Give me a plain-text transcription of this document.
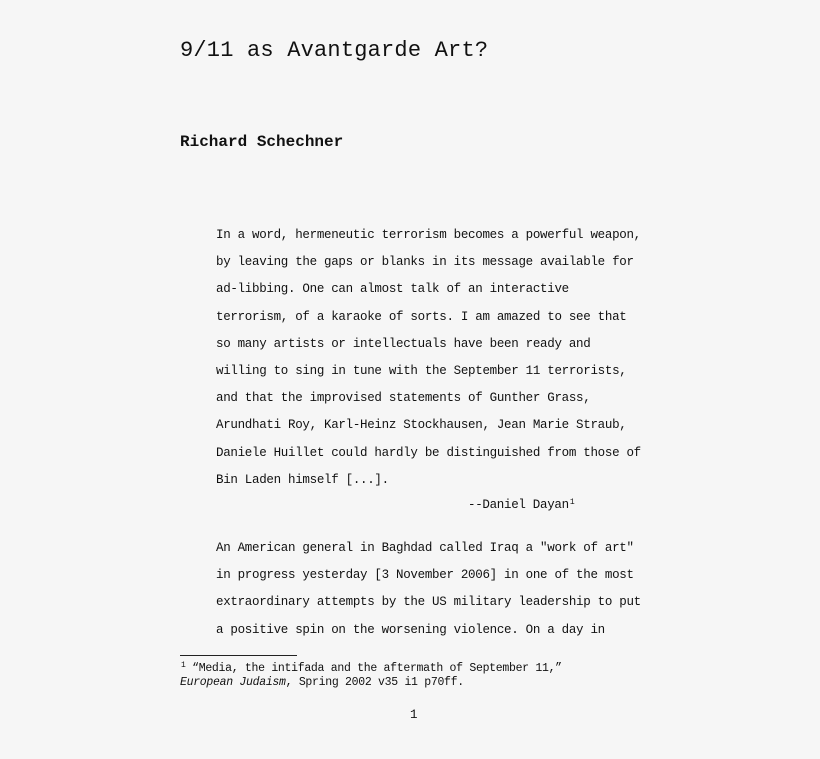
9/11 as Avantgarde Art?
Richard Schechner
In a word, hermeneutic terrorism becomes a powerful weapon,
by leaving the gaps or blanks in its message available for
ad-libbing. One can almost talk of an interactive
terrorism, of a karaoke of sorts. I am amazed to see that
so many artists or intellectuals have been ready and
willing to sing in tune with the September 11 terrorists,
and that the improvised statements of Gunther Grass,
Arundhati Roy, Karl-Heinz Stockhausen, Jean Marie Straub,
Daniele Huillet could hardly be distinguished from those of
Bin Laden himself [...].
--Daniel Dayan$^1$
An American general in Baghdad called Iraq a "work of art"
in progress yesterday [3 November 2006] in one of the most
extraordinary attempts by the US military leadership to put
a positive spin on the worsening violence. On a day in
$^1$ “Media, the intifada and the aftermath of September 11,”
European Judaism, Spring 2002 v35 i1 p70ff.
1
